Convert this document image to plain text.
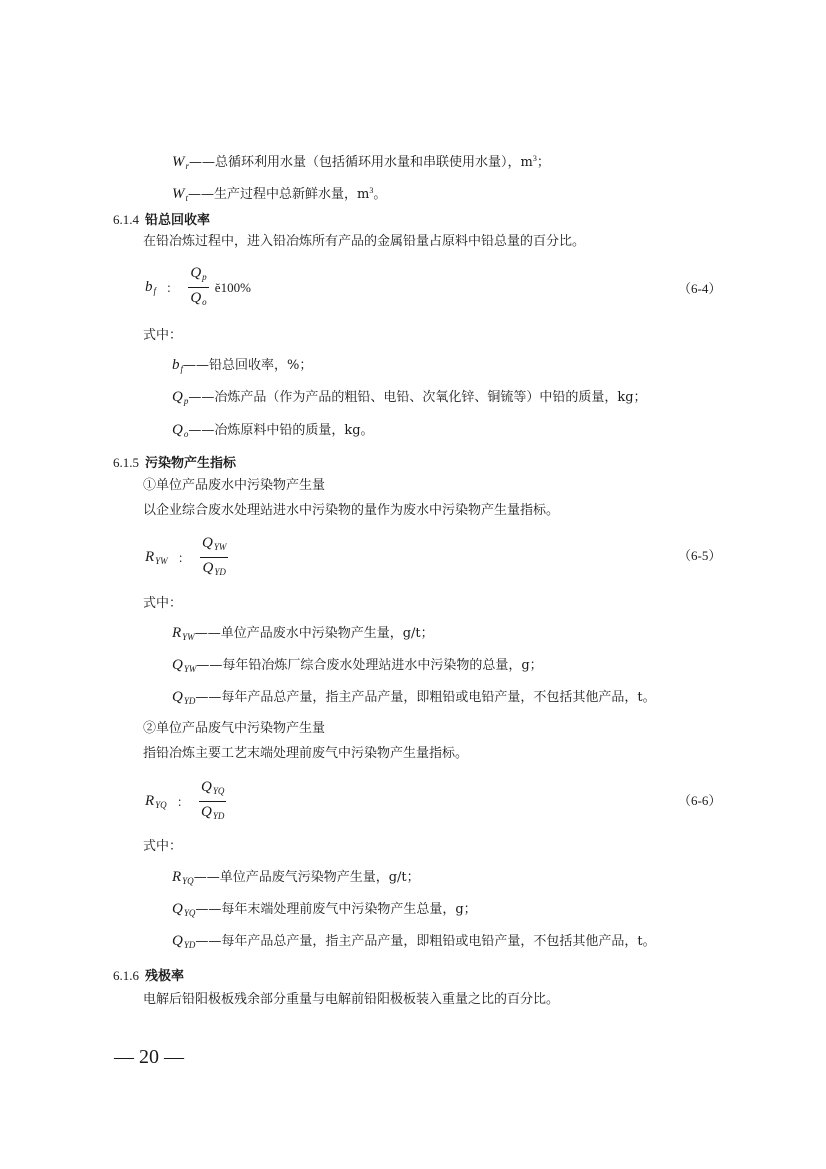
$W_r——$总循环利用水量（包括循环用水量和串联使用水量），$m^3$；
$W_t——$生产过程中总新鲜水量，$m^3$。
6.1.4 铅总回收率
在铅冶炼过程中，进入铅冶炼所有产品的金属铅量占原料中铅总量的百分比。
$b_f$ ： $\frac{Q_p}{Q_o}$ ĕ100%	（6-4）
式中：
$b_f——$铅总回收率，%；
$Q_p——$冶炼产品（作为产品的粗铅、电铅、次氧化锌、铜锍等）中铅的质量，kg；
$Q_o——$冶炼原料中铅的质量，kg。
6.1.5 污染物产生指标
①单位产品废水中污染物产生量
以企业综合废水处理站进水中污染物的量作为废水中污染物产生量指标。
$R_{YW}$ ： $\frac{Q_{YW}}{Q_{YD}}$	（6-5）
式中：
$R_{YW}——$单位产品废水中污染物产生量，g/t；
$Q_{YW}——$每年铅冶炼厂综合废水处理站进水中污染物的总量，g；
$Q_{YD}——$每年产品总产量，指主产品产量，即粗铅或电铅产量，不包括其他产品，t。
②单位产品废气中污染物产生量
指铅冶炼主要工艺末端处理前废气中污染物产生量指标。
$R_{YQ}$ ： $\frac{Q_{YQ}}{Q_{YD}}$	（6-6）
式中：
$R_{YQ}——$单位产品废气污染物产生量，g/t；
$Q_{YQ}——$每年末端处理前废气中污染物产生总量，g；
$Q_{YD}——$每年产品总产量，指主产品产量，即粗铅或电铅产量，不包括其他产品，t。
6.1.6 残极率
电解后铅阳极板残余部分重量与电解前铅阳极板装入重量之比的百分比。
— 20 —
